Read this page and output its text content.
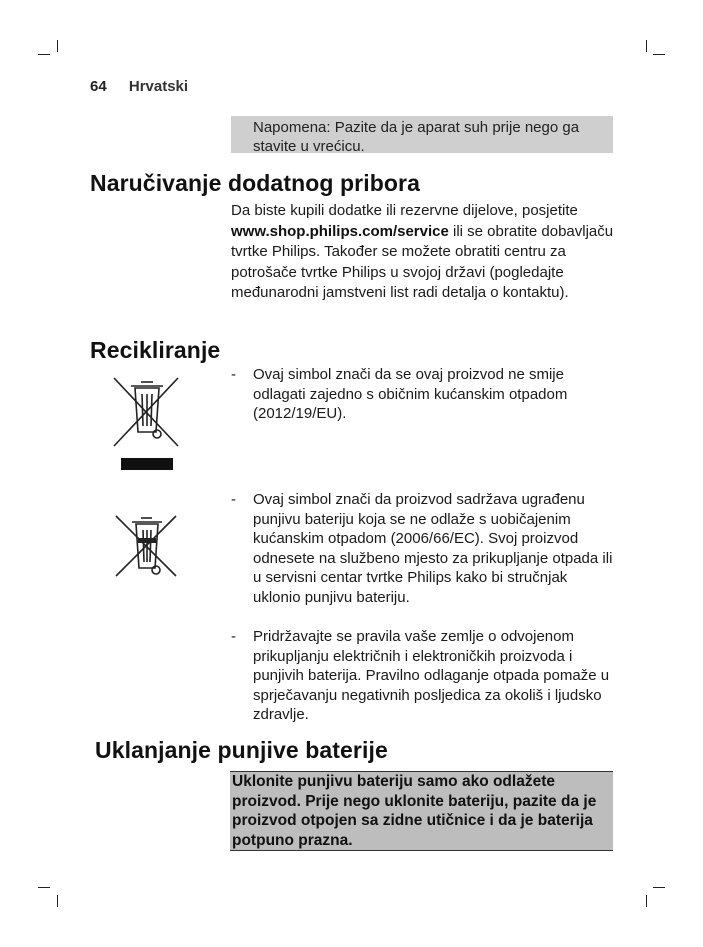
64 Hrvatski
Napomena: Pazite da je aparat suh prije nego ga stavite u vrećicu.
Naručivanje dodatnog pribora
Da biste kupili dodatke ili rezervne dijelove, posjetite www.shop.philips.com/service ili se obratite dobavljaču tvrtke Philips. Također se možete obratiti centru za potrošače tvrtke Philips u svojoj državi (pogledajte međunarodni jamstveni list radi detalja o kontaktu).
Recikliranje
-	Ovaj simbol znači da se ovaj proizvod ne smije odlagati zajedno s običnim kućanskim otpadom (2012/19/EU).
-	Ovaj simbol znači da proizvod sadržava ugrađenu punjivu bateriju koja se ne odlaže s uobičajenim kućanskim otpadom (2006/66/EC). Svoj proizvod odnesete na službeno mjesto za prikupljanje otpada ili u servisni centar tvrtke Philips kako bi stručnjak uklonio punjivu bateriju.
-	Pridržavajte se pravila vaše zemlje o odvojenom prikupljanju električnih i elektroničkih proizvoda i punjivih baterija. Pravilno odlaganje otpada pomaže u sprječavanju negativnih posljedica za okoliš i ljudsko zdravlje.
Uklanjanje punjive baterije
Uklonite punjivu bateriju samo ako odlažete proizvod. Prije nego uklonite bateriju, pazite da je proizvod otpojen sa zidne utičnice i da je baterija potpuno prazna.
